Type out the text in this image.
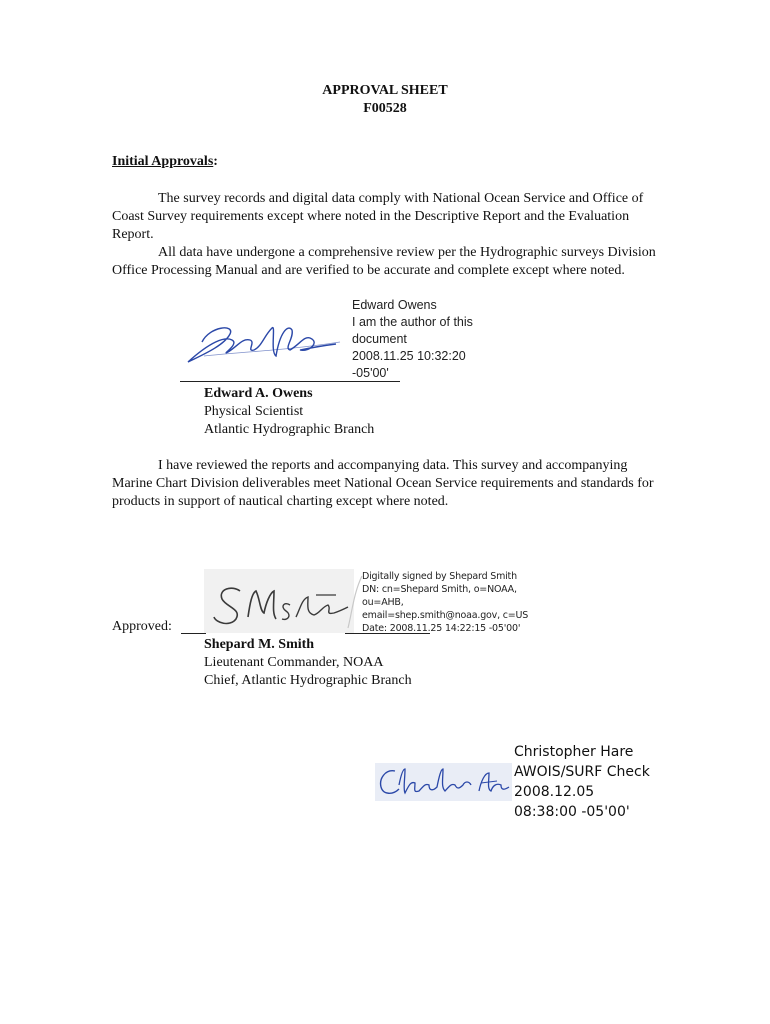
APPROVAL SHEET
F00528
Initial Approvals:
The survey records and digital data comply with National Ocean Service and Office of Coast Survey requirements except where noted in the Descriptive Report and the Evaluation Report.
All data have undergone a comprehensive review per the Hydrographic surveys Division Office Processing Manual and are verified to be accurate and complete except where noted.
Edward Owens
I am the author of this
document
2008.11.25 10:32:20
-05'00'
Edward A. Owens
Physical Scientist
Atlantic Hydrographic Branch
I have reviewed the reports and accompanying data. This survey and accompanying Marine Chart Division deliverables meet National Ocean Service requirements and standards for products in support of nautical charting except where noted.
Approved:
Digitally signed by Shepard Smith
DN: cn=Shepard Smith, o=NOAA,
ou=AHB,
email=shep.smith@noaa.gov, c=US
Date: 2008.11.25 14:22:15 -05'00'
Shepard M. Smith
Lieutenant Commander, NOAA
Chief, Atlantic Hydrographic Branch
Christopher Hare
AWOIS/SURF Check
2008.12.05
08:38:00 -05'00'
